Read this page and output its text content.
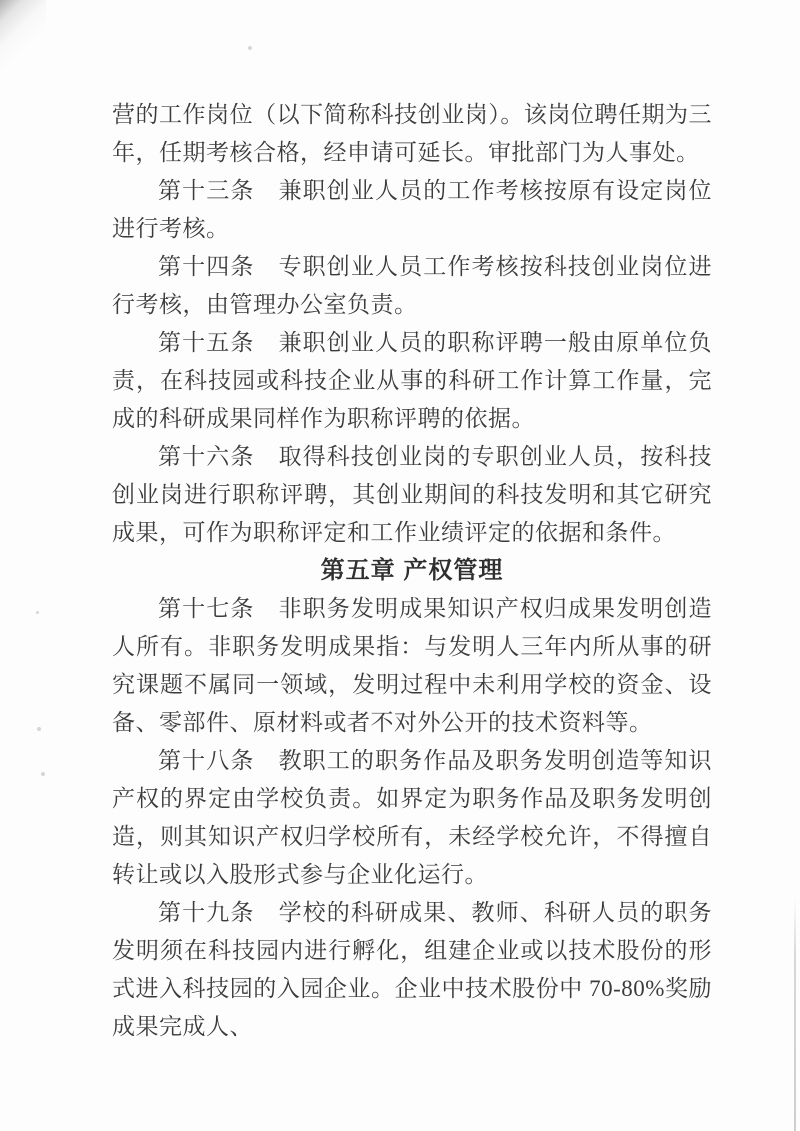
营的工作岗位（以下简称科技创业岗）。该岗位聘任期为三年，任期考核合格，经申请可延长。审批部门为人事处。

第十三条　兼职创业人员的工作考核按原有设定岗位进行考核。

第十四条　专职创业人员工作考核按科技创业岗位进行考核，由管理办公室负责。

第十五条　兼职创业人员的职称评聘一般由原单位负责，在科技园或科技企业从事的科研工作计算工作量，完成的科研成果同样作为职称评聘的依据。

第十六条　取得科技创业岗的专职创业人员，按科技创业岗进行职称评聘，其创业期间的科技发明和其它研究成果，可作为职称评定和工作业绩评定的依据和条件。

第五章 产权管理

第十七条　非职务发明成果知识产权归成果发明创造人所有。非职务发明成果指：与发明人三年内所从事的研究课题不属同一领域，发明过程中未利用学校的资金、设备、零部件、原材料或者不对外公开的技术资料等。

第十八条　教职工的职务作品及职务发明创造等知识产权的界定由学校负责。如界定为职务作品及职务发明创造，则其知识产权归学校所有，未经学校允许，不得擅自转让或以入股形式参与企业化运行。

第十九条　学校的科研成果、教师、科研人员的职务发明须在科技园内进行孵化，组建企业或以技术股份的形式进入科技园的入园企业。企业中技术股份中 70-80%奖励成果完成人、
